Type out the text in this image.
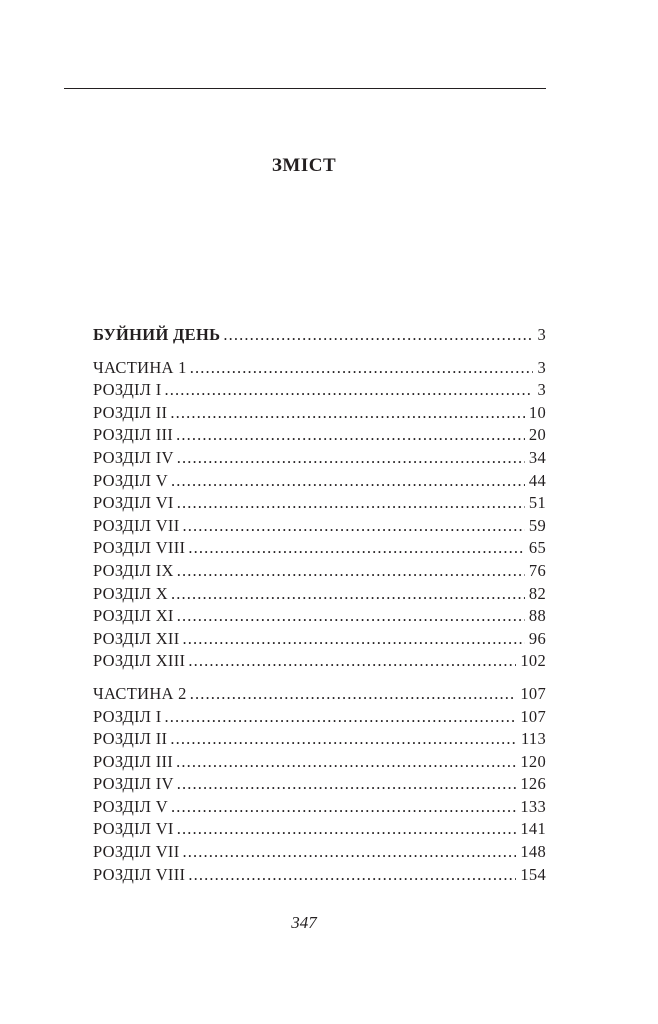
ЗМІСТ
БУЙНИЙ ДЕНЬ . . .	3
ЧАСТИНА 1 . . .	3
РОЗДІЛ I . . .	3
РОЗДІЛ II . . .	10
РОЗДІЛ III . . .	20
РОЗДІЛ IV . . .	34
РОЗДІЛ V . . .	44
РОЗДІЛ VI . . .	51
РОЗДІЛ VII . . .	59
РОЗДІЛ VIII . . .	65
РОЗДІЛ IX . . .	76
РОЗДІЛ X . . .	82
РОЗДІЛ XI . . .	88
РОЗДІЛ XII . . .	96
РОЗДІЛ XIII . . .	102
ЧАСТИНА 2 . . .	107
РОЗДІЛ I . . .	107
РОЗДІЛ II . . .	113
РОЗДІЛ III . . .	120
РОЗДІЛ IV . . .	126
РОЗДІЛ V . . .	133
РОЗДІЛ VI . . .	141
РОЗДІЛ VII . . .	148
РОЗДІЛ VIII . . .	154
347
